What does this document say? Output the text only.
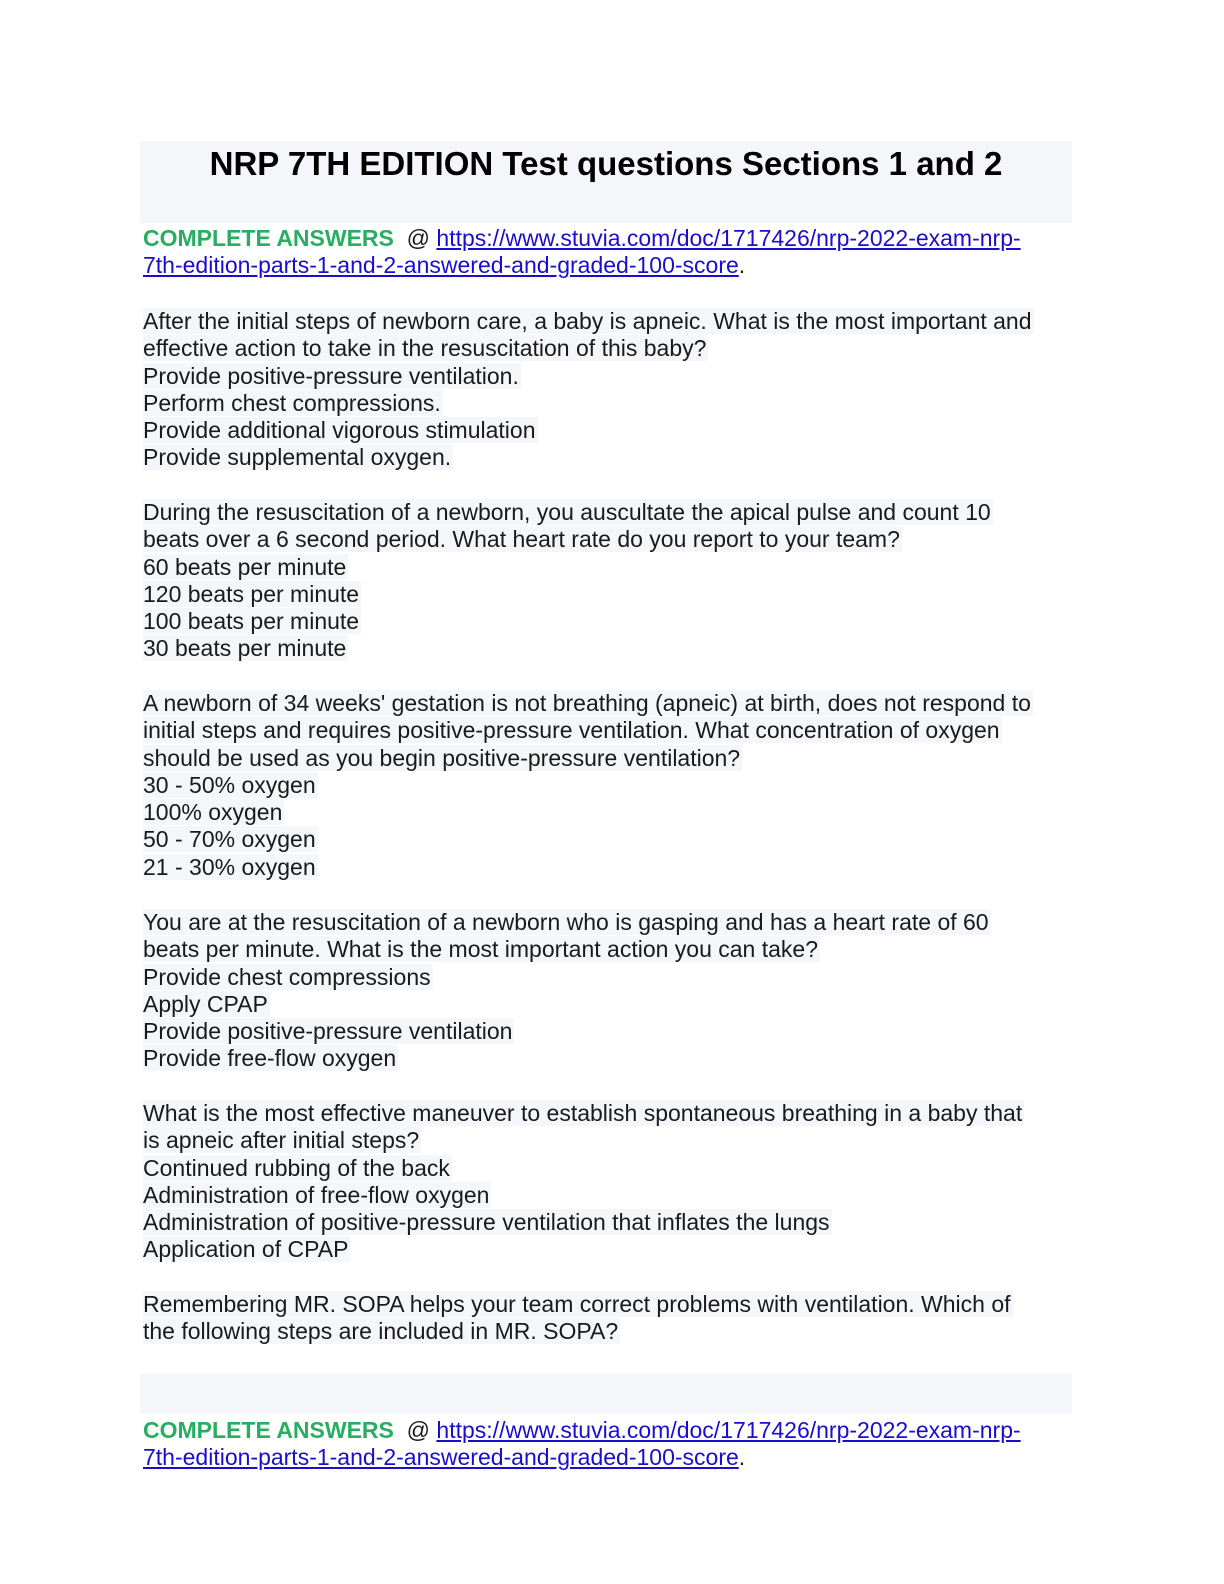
NRP 7TH EDITION Test questions Sections 1 and 2

COMPLETE ANSWERS @ https://www.stuvia.com/doc/1717426/nrp-2022-exam-nrp-
7th-edition-parts-1-and-2-answered-and-graded-100-score.

After the initial steps of newborn care, a baby is apneic. What is the most important and
effective action to take in the resuscitation of this baby?
Provide positive-pressure ventilation.
Perform chest compressions.
Provide additional vigorous stimulation
Provide supplemental oxygen.
During the resuscitation of a newborn, you auscultate the apical pulse and count 10
beats over a 6 second period. What heart rate do you report to your team?
60 beats per minute
120 beats per minute
100 beats per minute
30 beats per minute
A newborn of 34 weeks' gestation is not breathing (apneic) at birth, does not respond to
initial steps and requires positive-pressure ventilation. What concentration of oxygen
should be used as you begin positive-pressure ventilation?
30 - 50% oxygen
100% oxygen
50 - 70% oxygen
21 - 30% oxygen
You are at the resuscitation of a newborn who is gasping and has a heart rate of 60
beats per minute. What is the most important action you can take?
Provide chest compressions
Apply CPAP
Provide positive-pressure ventilation
Provide free-flow oxygen
What is the most effective maneuver to establish spontaneous breathing in a baby that
is apneic after initial steps?
Continued rubbing of the back
Administration of free-flow oxygen
Administration of positive-pressure ventilation that inflates the lungs
Application of CPAP
Remembering MR. SOPA helps your team correct problems with ventilation. Which of
the following steps are included in MR. SOPA?

COMPLETE ANSWERS @ https://www.stuvia.com/doc/1717426/nrp-2022-exam-nrp-
7th-edition-parts-1-and-2-answered-and-graded-100-score.
